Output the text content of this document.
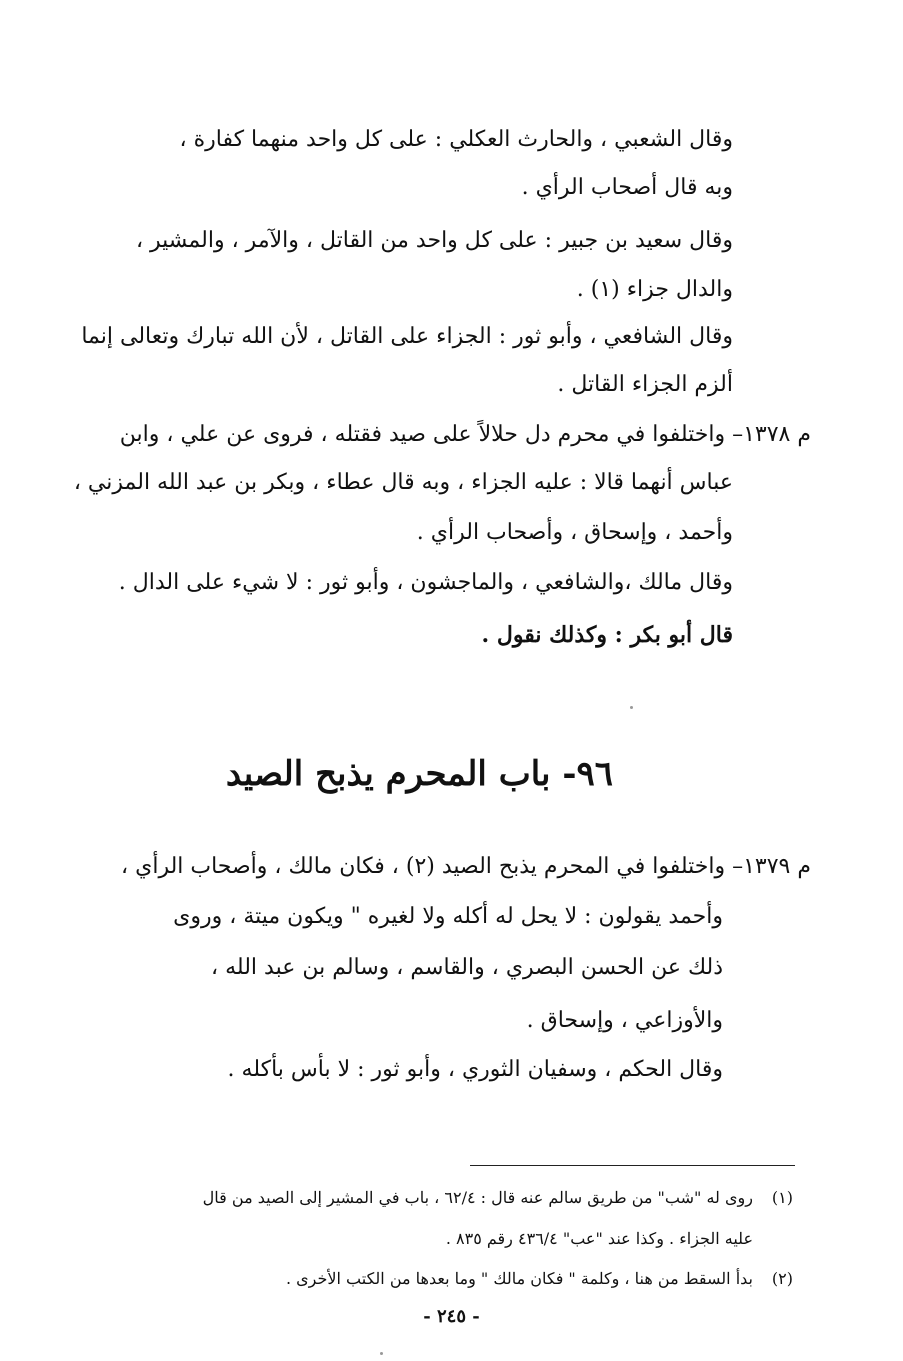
وقال الشعبي ، والحارث العكلي : على كل واحد منهما كفارة ،
وبه قال أصحاب الرأي .
وقال سعيد بن جبير : على كل واحد من القاتل ، والآمر ، والمشير ،
والدال جزاء (١) .
وقال الشافعي ، وأبو ثور : الجزاء على القاتل ، لأن الله تبارك وتعالى إنما
ألزم الجزاء القاتل .
م ١٣٧٨– واختلفوا في محرم دل حلالاً على صيد فقتله ، فروى عن علي ، وابن
عباس أنهما قالا : عليه الجزاء ، وبه قال عطاء ، وبكر بن عبد الله المزني ،
وأحمد ، وإسحاق ، وأصحاب الرأي .
وقال مالك ،والشافعي ، والماجشون ، وأبو ثور : لا شيء على الدال .
قال أبو بكر : وكذلك نقول .
٩٦- باب المحرم يذبح الصيد
م ١٣٧٩– واختلفوا في المحرم يذبح الصيد (٢) ، فكان مالك ، وأصحاب الرأي ،
وأحمد يقولون : لا يحل له أكله ولا لغيره " ويكون ميتة ، وروى
ذلك عن الحسن البصري ، والقاسم ، وسالم بن عبد الله ،
والأوزاعي ، وإسحاق .
وقال الحكم ، وسفيان الثوري ، وأبو ثور : لا بأس بأكله .
(١)
روى له "شب" من طريق سالم عنه قال : ٦٢/٤ ، باب في المشير إلى الصيد من قال
عليه الجزاء . وكذا عند "عب" ٤٣٦/٤ رقم ٨٣٥ .
(٢)
بدأ السقط من هنا ، وكلمة " فكان مالك " وما بعدها من الكتب الأخرى .
- ٢٤٥ -
